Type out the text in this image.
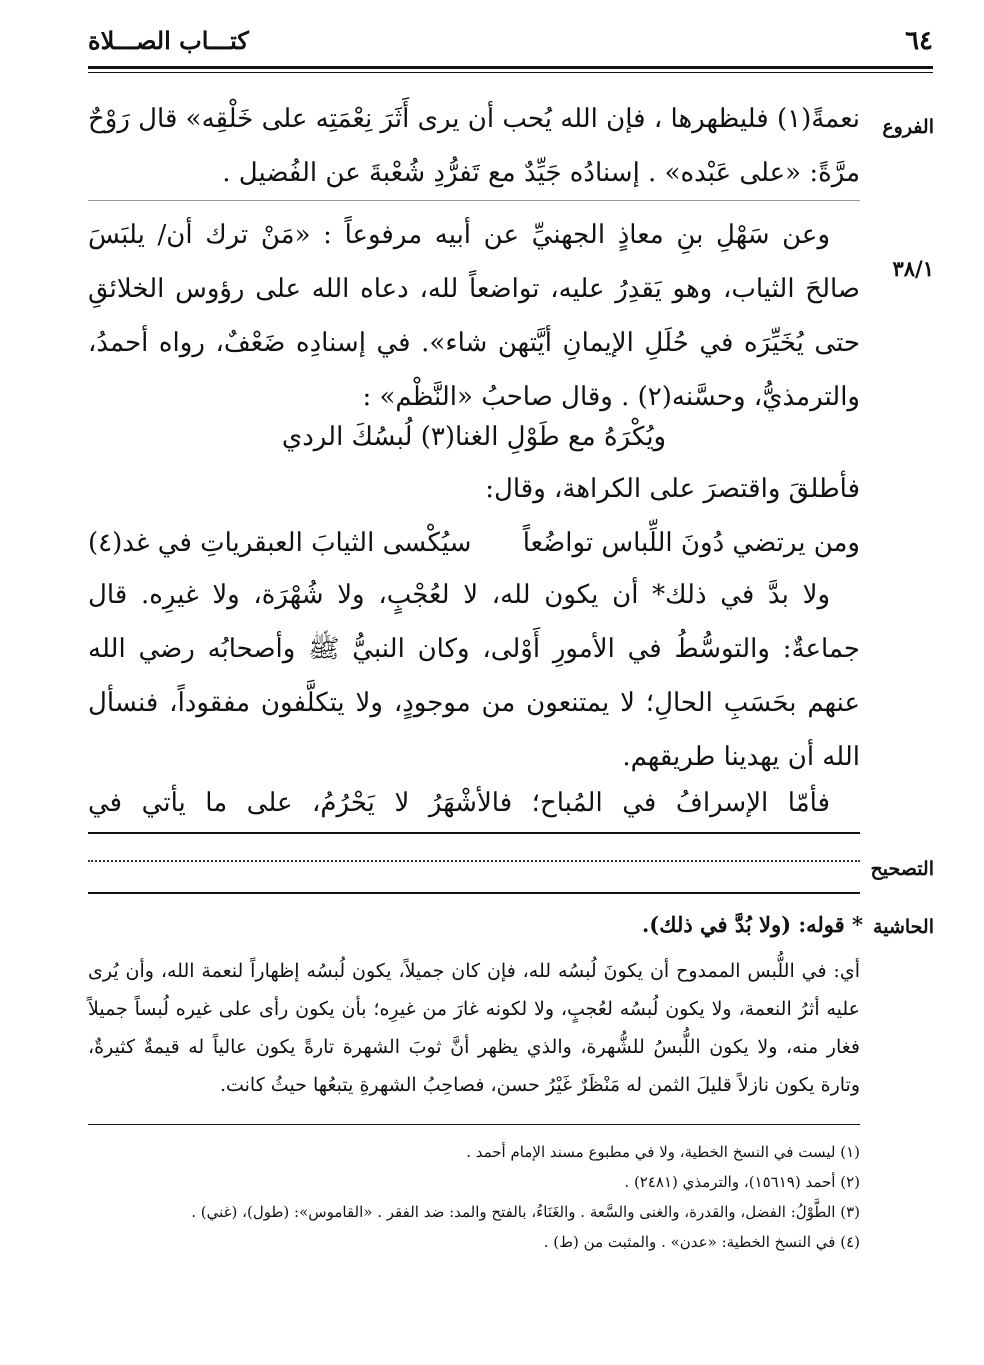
٦٤
كتـــاب الصـــلاة
الفروع
٣٨/١
التصحيح
الحاشية

نعمةً(١) فليظهرها ، فإن الله يُحب أن يرى أَثَرَ نِعْمَتِه على خَلْقِه» قال رَوْحٌ مرَّةً: «على عَبْده» . إسنادُه جَيِّدٌ مع تَفرُّدِ شُعْبةَ عن الفُضيل .

وعن سَهْلِ بنِ معاذٍ الجهنيِّ عن أبيه مرفوعاً : «مَنْ ترك أن/ يلبَسَ صالحَ الثياب، وهو يَقدِرُ عليه، تواضعاً لله، دعاه الله على رؤوس الخلائقِ حتى يُخَيِّرَه في حُلَلِ الإيمانِ أيَّتهن شاء». في إسنادِه ضَعْفٌ، رواه أحمدُ، والترمذيُّ، وحسَّنه(٢) . وقال صاحبُ «النَّظْم» :

ويُكْرَهُ مع طَوْلِ الغنا(٣) لُبسُكَ الردي

فأطلقَ واقتصرَ على الكراهة، وقال:

ومن يرتضي دُونَ اللِّباس تواضُعاً
سيُكْسى الثيابَ العبقرياتِ في غد(٤)

ولا بدَّ في ذلك* أن يكون لله، لا لعُجْبٍ، ولا شُهْرَة، ولا غيرِه. قال جماعةٌ: والتوسُّطُ في الأمورِ أَوْلى، وكان النبيُّ ﷺ وأصحابُه رضي الله عنهم بحَسَبِ الحالِ؛ لا يمتنعون من موجودٍ، ولا يتكلَّفون مفقوداً، فنسأل الله أن يهدينا طريقهم.

فأمّا الإسرافُ في المُباح؛ فالأشْهَرُ لا يَحْرُمُ، على ما يأتي في

* قوله: (ولا بُدَّ في ذلك).
أي: في اللُّبس الممدوح أن يكونَ لُبسُه لله، فإن كان جميلاً، يكون لُبسُه إظهاراً لنعمة الله، وأن يُرى عليه أثرُ النعمة، ولا يكون لُبسُه لعُجبٍ، ولا لكونه غارَ من غيرِه؛ بأن يكون رأى على غيره لُبساً جميلاً فغار منه، ولا يكون اللُّبسُ للشُّهرة، والذي يظهر أنَّ ثوبَ الشهرة تارةً يكون عالياً له قيمةٌ كثيرةٌ، وتارة يكون نازلاً قليلَ الثمن له مَنْظَرٌ غَيْرُ حسن، فصاحِبُ الشهرةِ يتبعُها حيثُ كانت.
(١) ليست في النسخ الخطية، ولا في مطبوع مسند الإمام أحمد .
(٢) أحمد (١٥٦١٩)، والترمذي (٢٤٨١) .
(٣) الطَّوْلُ: الفضل، والقدرة، والغنى والسَّعة . والغَنَاءُ، بالفتح والمد: ضد الفقر . «القاموس»: (طول)، (غني) .
(٤) في النسخ الخطية: «عدن» . والمثبت من (ط) .
